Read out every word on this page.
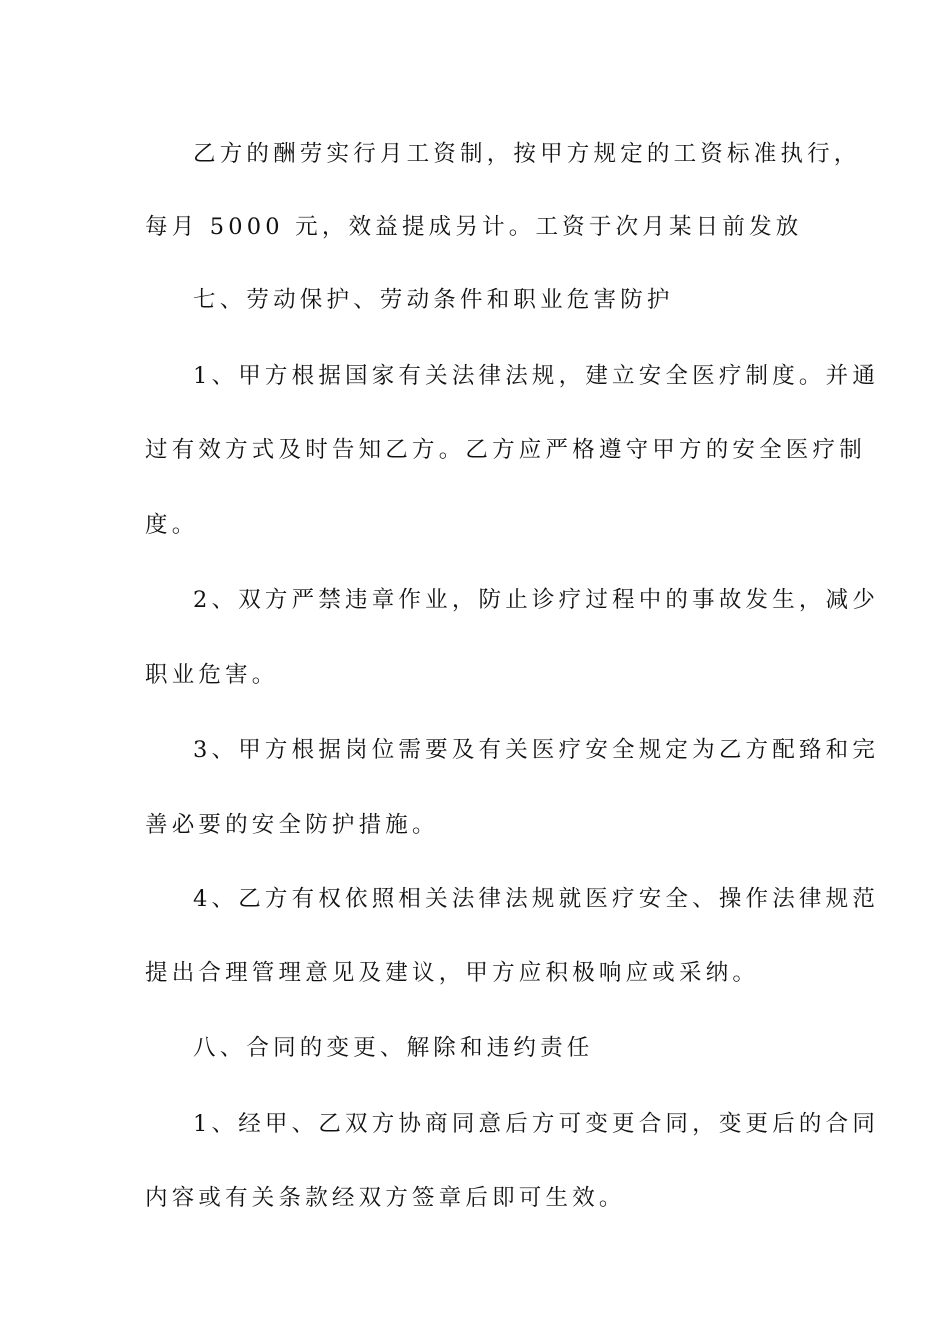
乙方的酬劳实行月工资制，按甲方规定的工资标准执行，
每月 5000 元，效益提成另计。工资于次月某日前发放
七、劳动保护、劳动条件和职业危害防护
1、甲方根据国家有关法律法规，建立安全医疗制度。并通
过有效方式及时告知乙方。乙方应严格遵守甲方的安全医疗制
度。
2、双方严禁违章作业，防止诊疗过程中的事故发生，减少
职业危害。
3、甲方根据岗位需要及有关医疗安全规定为乙方配臵和完
善必要的安全防护措施。
4、乙方有权依照相关法律法规就医疗安全、操作法律规范
提出合理管理意见及建议，甲方应积极响应或采纳。
八、合同的变更、解除和违约责任
1、经甲、乙双方协商同意后方可变更合同，变更后的合同
内容或有关条款经双方签章后即可生效。
